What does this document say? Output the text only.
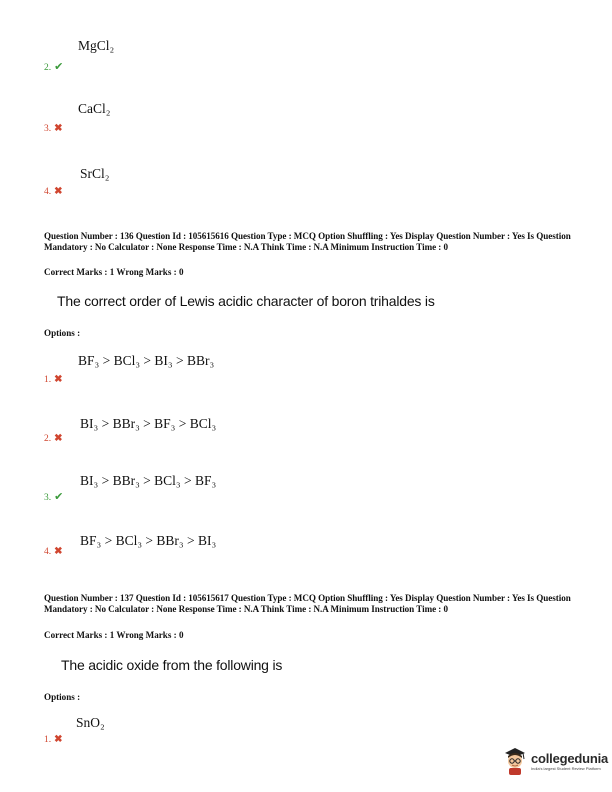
MgCl₂
2. ✔
CaCl₂
3. ✖
SrCl₂
4. ✖
Question Number : 136 Question Id : 105615616 Question Type : MCQ Option Shuffling : Yes Display Question Number : Yes Is Question Mandatory : No Calculator : None Response Time : N.A Think Time : N.A Minimum Instruction Time : 0
Correct Marks : 1 Wrong Marks : 0
The correct order of Lewis acidic character of boron trihaldes is
Options :
BF₃ > BCl₃ > BI₃ > BBr₃
1. ✖
BI₃ > BBr₃ > BF₃ > BCl₃
2. ✖
BI₃ > BBr₃ > BCl₃ > BF₃
3. ✔
BF₃ > BCl₃ > BBr₃ > BI₃
4. ✖
Question Number : 137 Question Id : 105615617 Question Type : MCQ Option Shuffling : Yes Display Question Number : Yes Is Question Mandatory : No Calculator : None Response Time : N.A Think Time : N.A Minimum Instruction Time : 0
Correct Marks : 1 Wrong Marks : 0
The acidic oxide from the following is
Options :
SnO₂
1. ✖
collegedunia
India's largest Student Review Platform
